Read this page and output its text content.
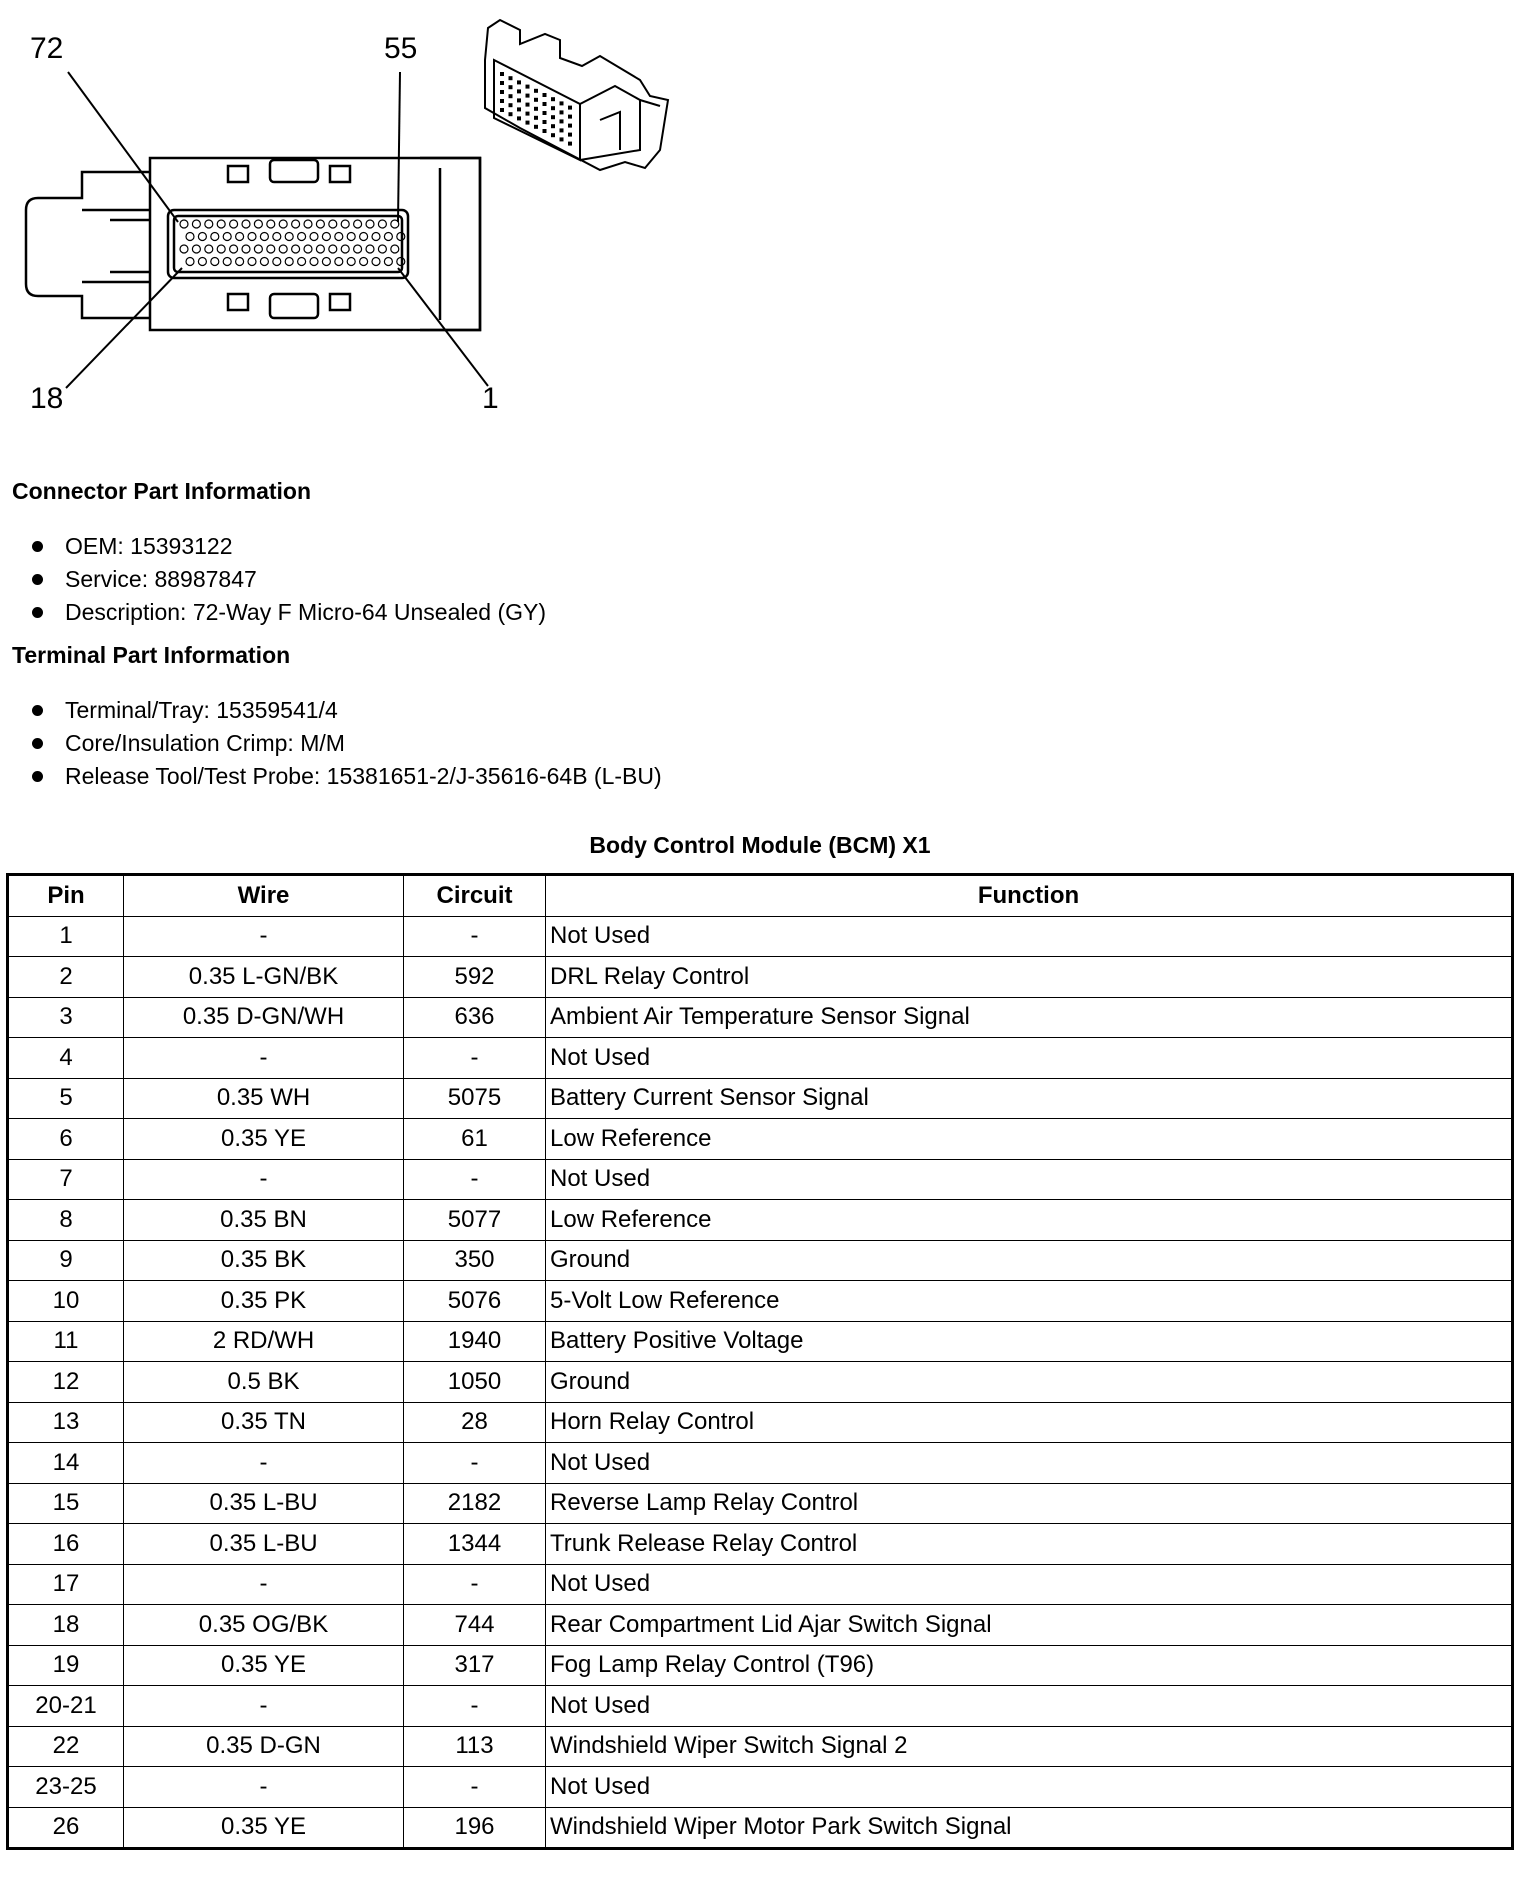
72	55
18	1
Connector Part Information
OEM: 15393122
Service: 88987847
Description: 72-Way F Micro-64 Unsealed (GY)
Terminal Part Information
Terminal/Tray: 15359541/4
Core/Insulation Crimp: M/M
Release Tool/Test Probe: 15381651-2/J-35616-64B (L-BU)
Body Control Module (BCM) X1
Pin	Wire	Circuit	Function
1	-	-	Not Used
2	0.35 L-GN/BK	592	DRL Relay Control
3	0.35 D-GN/WH	636	Ambient Air Temperature Sensor Signal
4	-	-	Not Used
5	0.35 WH	5075	Battery Current Sensor Signal
6	0.35 YE	61	Low Reference
7	-	-	Not Used
8	0.35 BN	5077	Low Reference
9	0.35 BK	350	Ground
10	0.35 PK	5076	5-Volt Low Reference
11	2 RD/WH	1940	Battery Positive Voltage
12	0.5 BK	1050	Ground
13	0.35 TN	28	Horn Relay Control
14	-	-	Not Used
15	0.35 L-BU	2182	Reverse Lamp Relay Control
16	0.35 L-BU	1344	Trunk Release Relay Control
17	-	-	Not Used
18	0.35 OG/BK	744	Rear Compartment Lid Ajar Switch Signal
19	0.35 YE	317	Fog Lamp Relay Control (T96)
20-21	-	-	Not Used
22	0.35 D-GN	113	Windshield Wiper Switch Signal 2
23-25	-	-	Not Used
26	0.35 YE	196	Windshield Wiper Motor Park Switch Signal
